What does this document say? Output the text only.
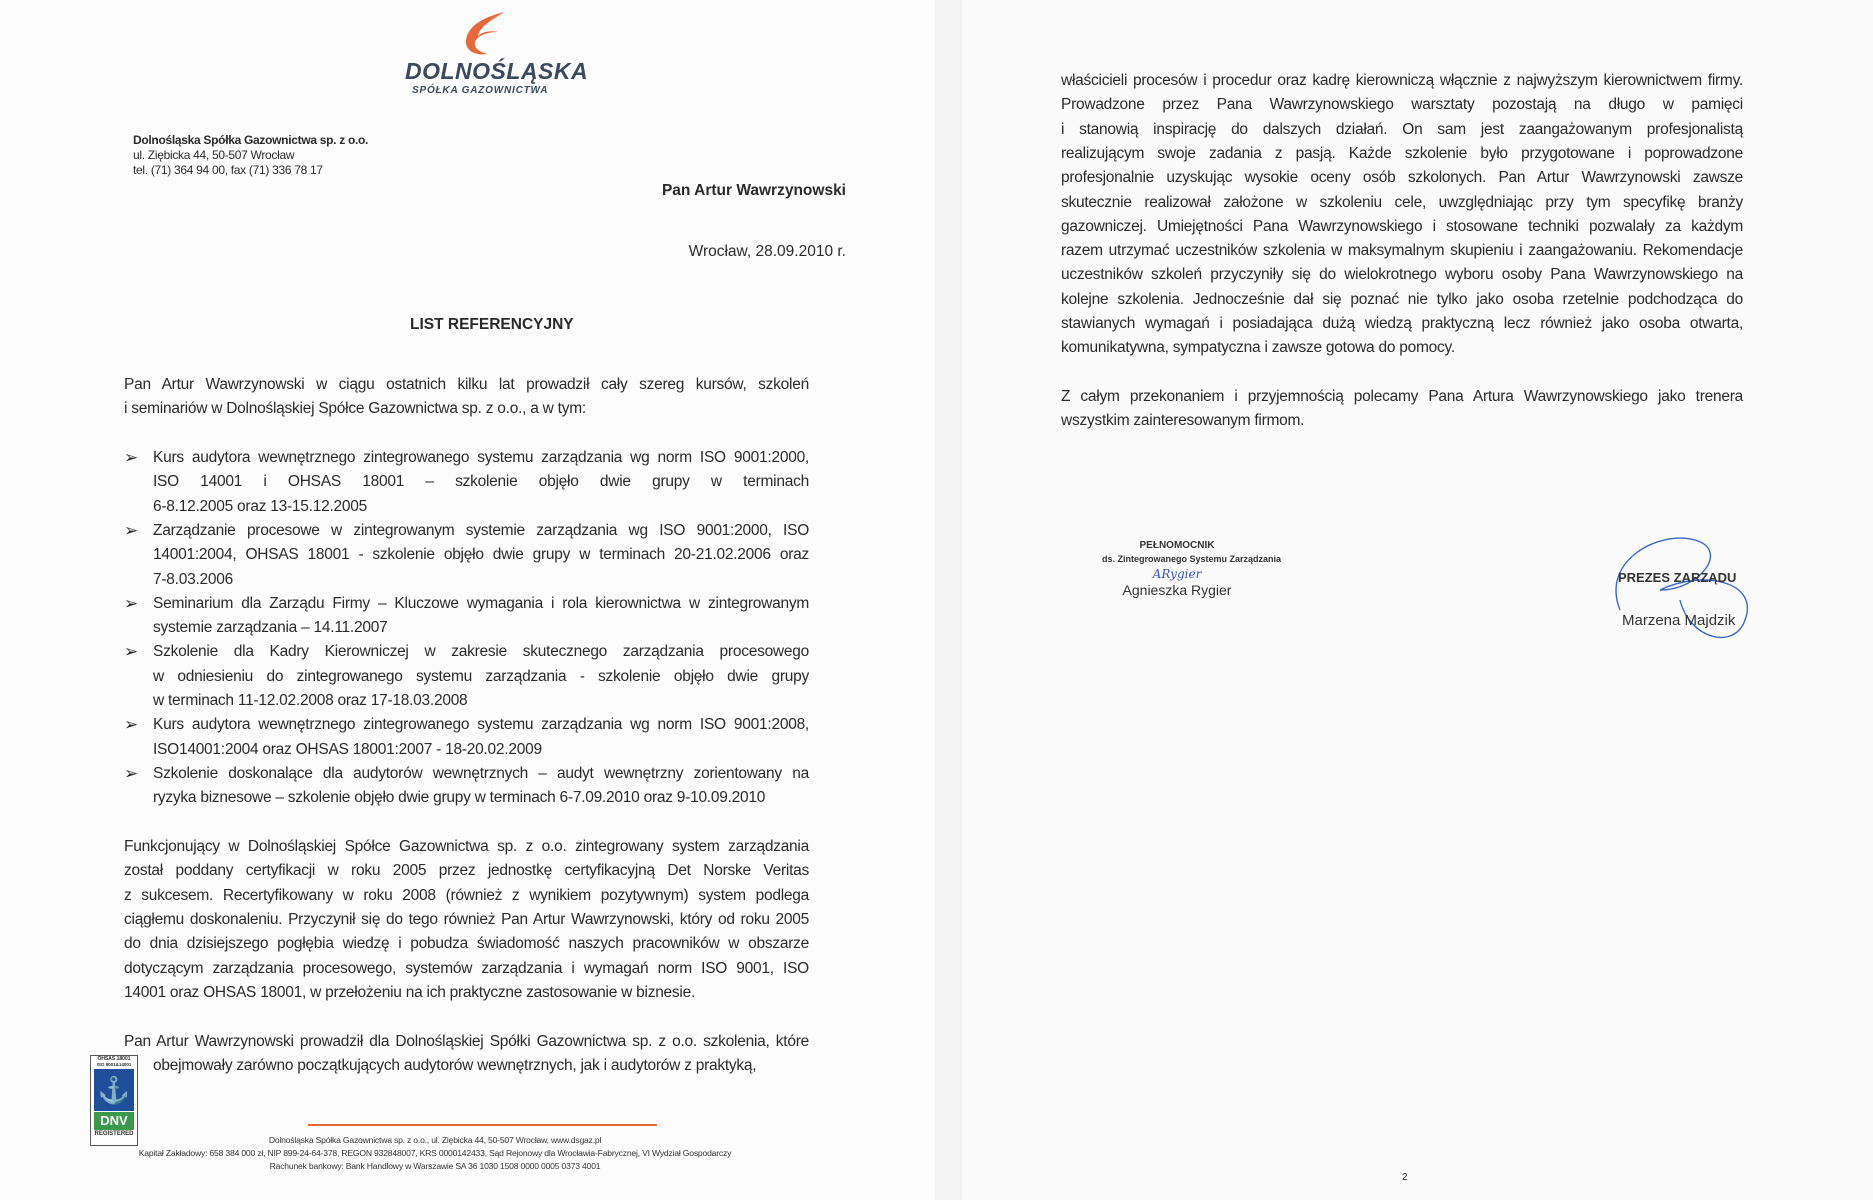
DOLNOŚLĄSKA
SPÓŁKA GAZOWNICTWA
Dolnośląska Spółka Gazownictwa sp. z o.o.
ul. Ziębicka 44, 50-507 Wrocław
tel. (71) 364 94 00, fax (71) 336 78 17
Pan Artur Wawrzynowski
Wrocław, 28.09.2010 r.
LIST REFERENCYJNY
Pan Artur Wawrzynowski w ciągu ostatnich kilku lat prowadził cały szereg kursów, szkoleń
i seminariów w Dolnośląskiej Spółce Gazownictwa sp. z o.o., a w tym:
➢ Kurs audytora wewnętrznego zintegrowanego systemu zarządzania wg norm ISO 9001:2000,
ISO 14001 i OHSAS 18001 – szkolenie objęło dwie grupy w terminach
6-8.12.2005 oraz 13-15.12.2005
➢ Zarządzanie procesowe w zintegrowanym systemie zarządzania wg ISO 9001:2000, ISO
14001:2004, OHSAS 18001 - szkolenie objęło dwie grupy w terminach 20-21.02.2006 oraz
7-8.03.2006
➢ Seminarium dla Zarządu Firmy – Kluczowe wymagania i rola kierownictwa w zintegrowanym
systemie zarządzania – 14.11.2007
➢ Szkolenie dla Kadry Kierowniczej w zakresie skutecznego zarządzania procesowego
w odniesieniu do zintegrowanego systemu zarządzania - szkolenie objęło dwie grupy
w terminach 11-12.02.2008 oraz 17-18.03.2008
➢ Kurs audytora wewnętrznego zintegrowanego systemu zarządzania wg norm ISO 9001:2008,
ISO14001:2004 oraz OHSAS 18001:2007 - 18-20.02.2009
➢ Szkolenie doskonalące dla audytorów wewnętrznych – audyt wewnętrzny zorientowany na
ryzyka biznesowe – szkolenie objęło dwie grupy w terminach 6-7.09.2010 oraz 9-10.09.2010
Funkcjonujący w Dolnośląskiej Spółce Gazownictwa sp. z o.o. zintegrowany system zarządzania
został poddany certyfikacji w roku 2005 przez jednostkę certyfikacyjną Det Norske Veritas
z sukcesem. Recertyfikowany w roku 2008 (również z wynikiem pozytywnym) system podlega
ciągłemu doskonaleniu. Przyczynił się do tego również Pan Artur Wawrzynowski, który od roku 2005
do dnia dzisiejszego pogłębia wiedzę i pobudza świadomość naszych pracowników w obszarze
dotyczącym zarządzania procesowego, systemów zarządzania i wymagań norm ISO 9001, ISO
14001 oraz OHSAS 18001, w przełożeniu na ich praktyczne zastosowanie w biznesie.
Pan Artur Wawrzynowski prowadził dla Dolnośląskiej Spółki Gazownictwa sp. z o.o. szkolenia, które
obejmowały zarówno początkujących audytorów wewnętrznych, jak i audytorów z praktyką,
OHSAS 18001
ISO 9001&14001
⚓
DNV
REGISTERED
Dolnośląska Spółka Gazownictwa sp. z o.o., ul. Ziębicka 44, 50-507 Wrocław, www.dsgaz.pl
Kapitał Zakładowy: 658 384 000 zł, NIP 899-24-64-378, REGON 932848007, KRS 0000142433, Sąd Rejonowy dla Wrocławia-Fabrycznej, VI Wydział Gospodarczy
Rachunek bankowy: Bank Handlowy w Warszawie SA 36 1030 1508 0000 0005 0373 4001
właścicieli procesów i procedur oraz kadrę kierowniczą włącznie z najwyższym kierownictwem firmy.
Prowadzone przez Pana Wawrzynowskiego warsztaty pozostają na długo w pamięci
i stanowią inspirację do dalszych działań. On sam jest zaangażowanym profesjonalistą
realizującym swoje zadania z pasją. Każde szkolenie było przygotowane i poprowadzone
profesjonalnie uzyskując wysokie oceny osób szkolonych. Pan Artur Wawrzynowski zawsze
skutecznie realizował założone w szkoleniu cele, uwzględniając przy tym specyfikę branży
gazowniczej. Umiejętności Pana Wawrzynowskiego i stosowane techniki pozwalały za każdym
razem utrzymać uczestników szkolenia w maksymalnym skupieniu i zaangażowaniu. Rekomendacje
uczestników szkoleń przyczyniły się do wielokrotnego wyboru osoby Pana Wawrzynowskiego na
kolejne szkolenia. Jednocześnie dał się poznać nie tylko jako osoba rzetelnie podchodząca do
stawianych wymagań i posiadająca dużą wiedzą praktyczną lecz również jako osoba otwarta,
komunikatywna, sympatyczna i zawsze gotowa do pomocy.
Z całym przekonaniem i przyjemnością polecamy Pana Artura Wawrzynowskiego jako trenera
wszystkim zainteresowanym firmom.
PEŁNOMOCNIK
ds. Zintegrowanego Systemu Zarządzania
ARygier
Agnieszka Rygier
PREZES ZARZĄDU
Marzena Majdzik
2
